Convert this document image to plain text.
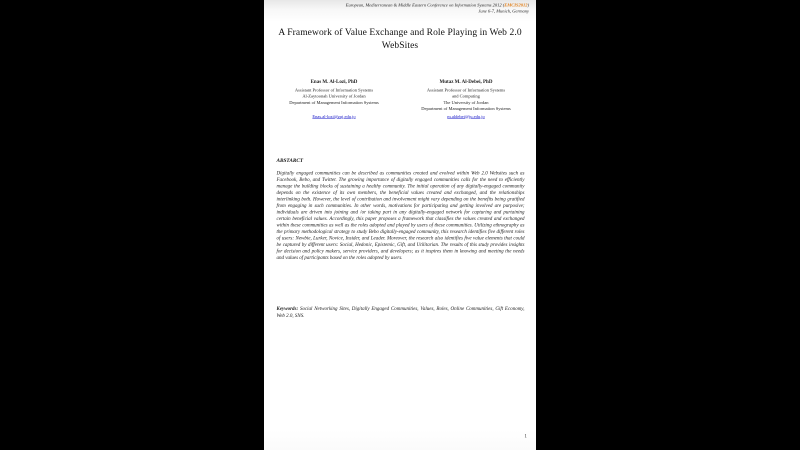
European, Mediterranean & Middle Eastern Conference on Information Systems 2012 (EMCIS2012)
June 6-7, Munich, Germany
A Framework of Value Exchange and Role Playing in Web 2.0 WebSites
Enas M. Al-Lozi, PhD
Assistant Professor of Information Systems
Al-Zaytoonah University of Jordan
Department of Management Information Systems
Enas.al-lozi@zuj.edu.jo
Mutaz M. Al-Debei, PhD
Assistant Professor of Information Systems
and Computing
The University of Jordan
Department of Management Information Systems
m.aldebei@ju.edu.jo
ABSTARCT

Digitally engaged communities can be described as communities created and evolved within Web 2.0 Websites such as Facebook, Bebo, and Twitter. The growing importance of digitally engaged communities calls for the need to efficiently manage the building blocks of sustaining a healthy community. The initial operation of any digitally-engaged community depends on the existence of its own members, the beneficial values created and exchanged, and the relationships interlinking both. However, the level of contribution and involvement might vary depending on the benefits being gratified from engaging in such communities. In other words, motivations for participating and getting involved are purposive; individuals are driven into joining and /or taking part in any digitally-engaged network for capturing and purtaining certain beneficial values. Accordingly, this paper proposes a framework that classifies the values created and exchanged within these communities as well as the roles adopted and played by users of these communities. Utilizing ethnography as the primary methodological strategy to study Bebo digitally-engaged community, this research identifies five different roles of users: Newbie, Lurker, Novice, Insider, and Leader. Moreover, the research also identifies five value elements that could be captured by different users: Social, Hedonic, Epistemic, Gift, and Utilitarian. The results of this study provides insights for decision and policy makers, service providers, and developers; as it inspires them in knowing and meeting the needs and values of participants based on the roles adopted by users.

Keywords: Social Networking Sites, Digitally Engaged Communities, Values, Roles, Online Communities, Gift Economy, Web 2.0, SNS.

1
